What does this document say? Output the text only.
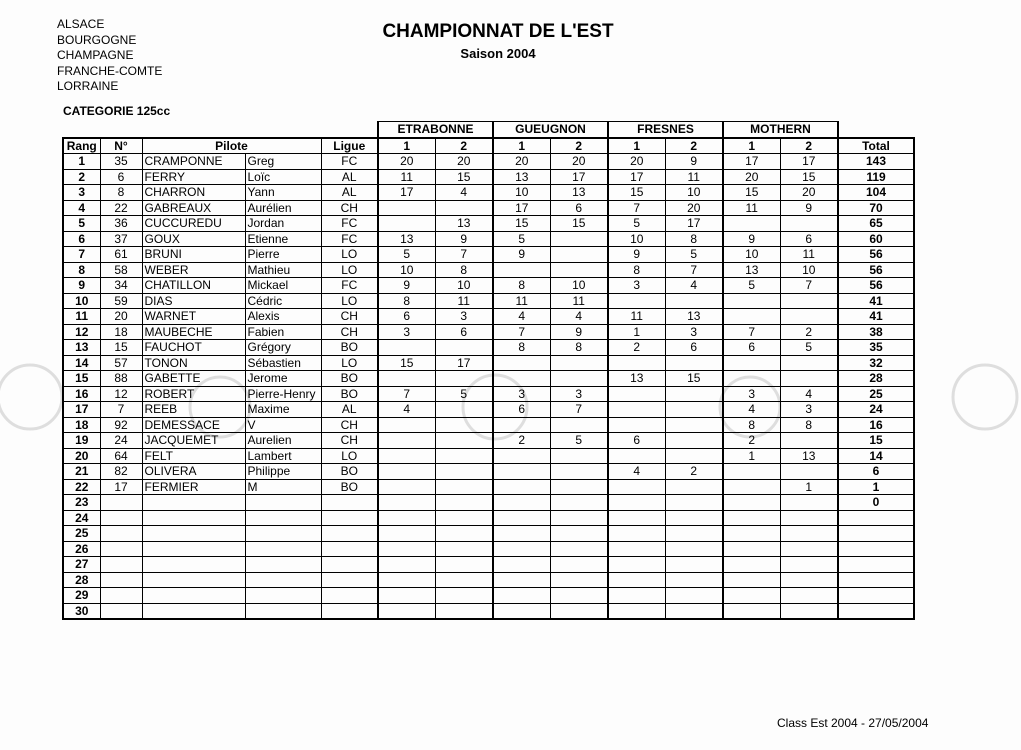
ALSACE
BOURGOGNE
CHAMPAGNE
FRANCHE-COMTE
LORRAINE
CHAMPIONNAT DE L'EST
Saison 2004
CATEGORIE 125cc
					ETRABONNE		GUEUGNON		FRESNES		MOTHERN		
Rang	N°	Pilote		Ligue	1	2	1	2	1	2	1	2	Total
1	35	CRAMPONNE	Greg	FC	20	20	20	20	20	9	17	17	143
2	6	FERRY	Loïc	AL	11	15	13	17	17	11	20	15	119
3	8	CHARRON	Yann	AL	17	4	10	13	15	10	15	20	104
4	22	GABREAUX	Aurélien	CH			17	6	7	20	11	9	70
5	36	CUCCUREDU	Jordan	FC		13	15	15	5	17			65
6	37	GOUX	Etienne	FC	13	9	5		10	8	9	6	60
7	61	BRUNI	Pierre	LO	5	7	9		9	5	10	11	56
8	58	WEBER	Mathieu	LO	10	8			8	7	13	10	56
9	34	CHATILLON	Mickael	FC	9	10	8	10	3	4	5	7	56
10	59	DIAS	Cédric	LO	8	11	11	11					41
11	20	WARNET	Alexis	CH	6	3	4	4	11	13			41
12	18	MAUBECHE	Fabien	CH	3	6	7	9	1	3	7	2	38
13	15	FAUCHOT	Grégory	BO			8	8	2	6	6	5	35
14	57	TONON	Sébastien	LO	15	17							32
15	88	GABETTE	Jerome	BO					13	15			28
16	12	ROBERT	Pierre-Henry	BO	7	5	3	3			3	4	25
17	7	REEB	Maxime	AL	4		6	7			4	3	24
18	92	DEMESSACE	V	CH							8	8	16
19	24	JACQUEMET	Aurelien	CH			2	5	6		2		15
20	64	FELT	Lambert	LO							1	13	14
21	82	OLIVERA	Philippe	BO					4	2			6
22	17	FERMIER	M	BO								1	1
23													0
24													
25													
26													
27													
28													
29													
30													
Class Est 2004 - 27/05/2004
